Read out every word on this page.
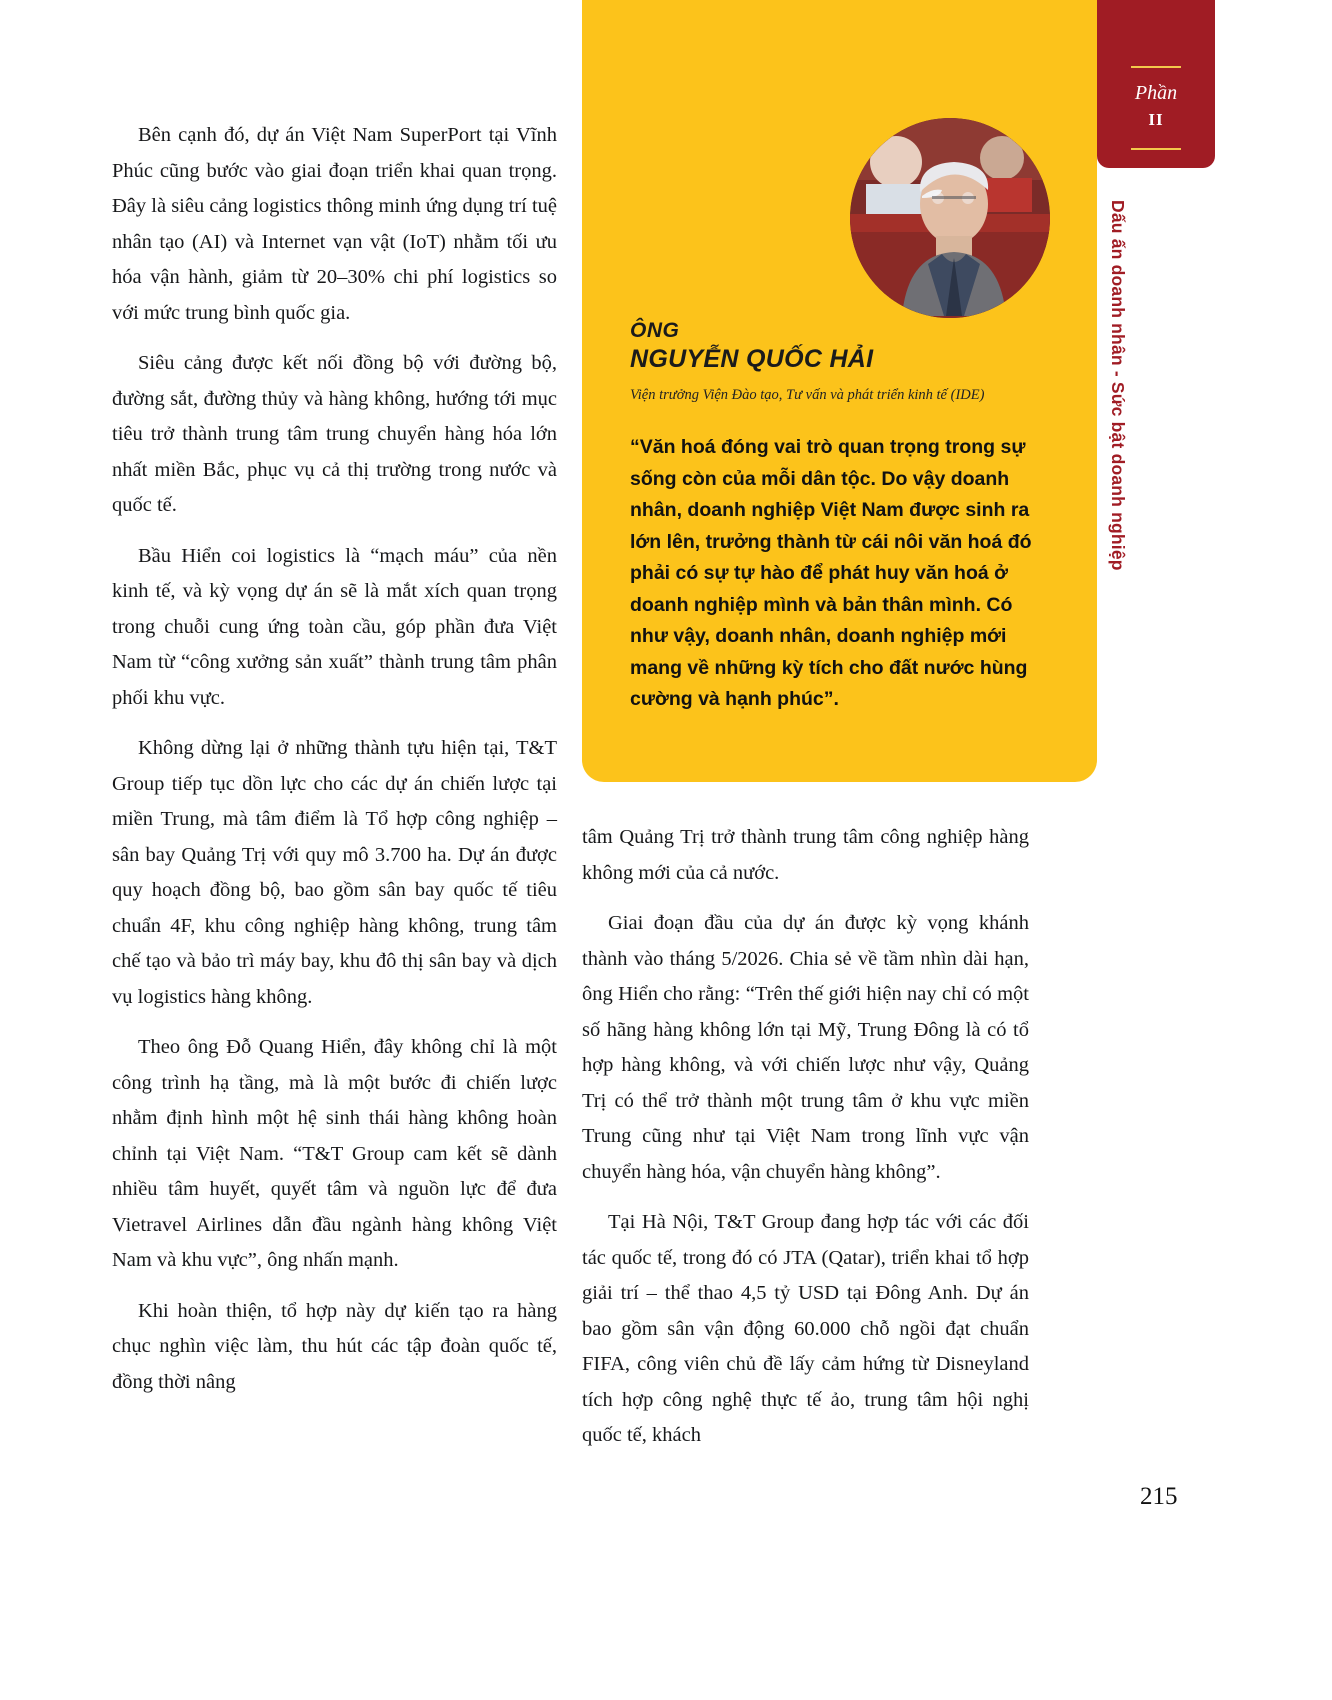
Bên cạnh đó, dự án Việt Nam SuperPort tại Vĩnh Phúc cũng bước vào giai đoạn triển khai quan trọng. Đây là siêu cảng logistics thông minh ứng dụng trí tuệ nhân tạo (AI) và Internet vạn vật (IoT) nhằm tối ưu hóa vận hành, giảm từ 20–30% chi phí logistics so với mức trung bình quốc gia.

Siêu cảng được kết nối đồng bộ với đường bộ, đường sắt, đường thủy và hàng không, hướng tới mục tiêu trở thành trung tâm trung chuyển hàng hóa lớn nhất miền Bắc, phục vụ cả thị trường trong nước và quốc tế.

Bầu Hiển coi logistics là “mạch máu” của nền kinh tế, và kỳ vọng dự án sẽ là mắt xích quan trọng trong chuỗi cung ứng toàn cầu, góp phần đưa Việt Nam từ “công xưởng sản xuất” thành trung tâm phân phối khu vực.

Không dừng lại ở những thành tựu hiện tại, T&T Group tiếp tục dồn lực cho các dự án chiến lược tại miền Trung, mà tâm điểm là Tổ hợp công nghiệp – sân bay Quảng Trị với quy mô 3.700 ha. Dự án được quy hoạch đồng bộ, bao gồm sân bay quốc tế tiêu chuẩn 4F, khu công nghiệp hàng không, trung tâm chế tạo và bảo trì máy bay, khu đô thị sân bay và dịch vụ logistics hàng không.

Theo ông Đỗ Quang Hiển, đây không chỉ là một công trình hạ tầng, mà là một bước đi chiến lược nhằm định hình một hệ sinh thái hàng không hoàn chỉnh tại Việt Nam. “T&T Group cam kết sẽ dành nhiều tâm huyết, quyết tâm và nguồn lực để đưa Vietravel Airlines dẫn đầu ngành hàng không Việt Nam và khu vực”, ông nhấn mạnh.

Khi hoàn thiện, tổ hợp này dự kiến tạo ra hàng chục nghìn việc làm, thu hút các tập đoàn quốc tế, đồng thời nâng

ÔNG
NGUYỄN QUỐC HẢI
Viện trưởng Viện Đào tạo, Tư vấn và phát triển kinh tế (IDE)
“Văn hoá đóng vai trò quan trọng trong sự sống còn của mỗi dân tộc. Do vậy doanh nhân, doanh nghiệp Việt Nam được sinh ra lớn lên, trưởng thành từ cái nôi văn hoá đó phải có sự tự hào để phát huy văn hoá ở doanh nghiệp mình và bản thân mình. Có như vậy, doanh nhân, doanh nghiệp mới mang về những kỳ tích cho đất nước hùng cường và hạnh phúc”.

tâm Quảng Trị trở thành trung tâm công nghiệp hàng không mới của cả nước.

Giai đoạn đầu của dự án được kỳ vọng khánh thành vào tháng 5/2026. Chia sẻ về tầm nhìn dài hạn, ông Hiển cho rằng: “Trên thế giới hiện nay chỉ có một số hãng hàng không lớn tại Mỹ, Trung Đông là có tổ hợp hàng không, và với chiến lược như vậy, Quảng Trị có thể trở thành một trung tâm ở khu vực miền Trung cũng như tại Việt Nam trong lĩnh vực vận chuyển hàng hóa, vận chuyển hàng không”.

Tại Hà Nội, T&T Group đang hợp tác với các đối tác quốc tế, trong đó có JTA (Qatar), triển khai tổ hợp giải trí – thể thao 4,5 tỷ USD tại Đông Anh. Dự án bao gồm sân vận động 60.000 chỗ ngồi đạt chuẩn FIFA, công viên chủ đề lấy cảm hứng từ Disneyland tích hợp công nghệ thực tế ảo, trung tâm hội nghị quốc tế, khách

Phần
II
Dấu ấn doanh nhân - Sức bật doanh nghiệp
215
